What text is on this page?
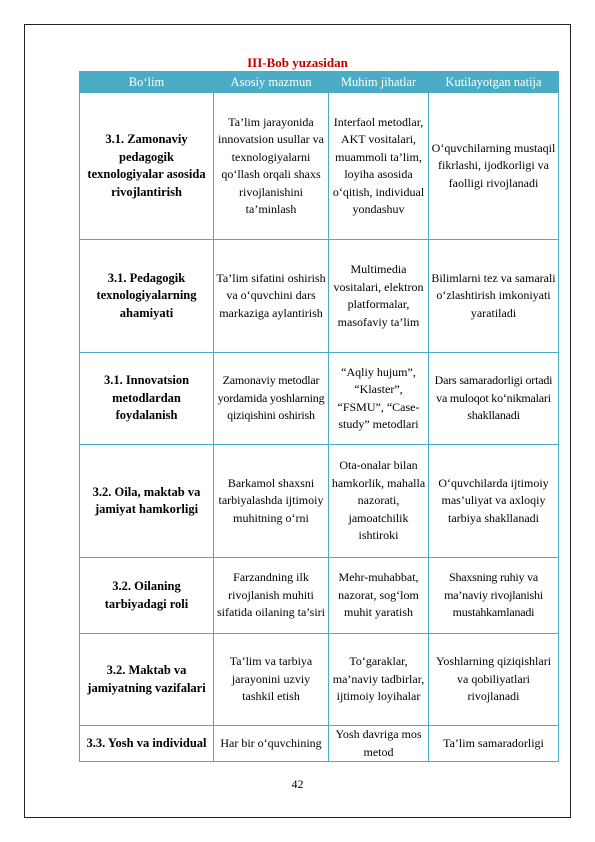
III-Bob yuzasidan
Bo‘lim	Asosiy mazmun	Muhim jihatlar	Kutilayotgan natija
3.1. Zamonaviy pedagogik texnologiyalar asosida rivojlantirish	Ta’lim jarayonida innovatsion usullar va texnologiyalarni qo‘llash orqali shaxs rivojlanishini ta’minlash	Interfaol metodlar, AKT vositalari, muammoli ta’lim, loyiha asosida o‘qitish, individual yondashuv	O‘quvchilarning mustaqil fikrlashi, ijodkorligi va faolligi rivojlanadi
3.1. Pedagogik texnologiyalarning ahamiyati	Ta’lim sifatini oshirish va o‘quvchini dars markaziga aylantirish	Multimedia vositalari, elektron platformalar, masofaviy ta’lim	Bilimlarni tez va samarali o‘zlashtirish imkoniyati yaratiladi
3.1. Innovatsion metodlardan foydalanish	Zamonaviy metodlar yordamida yoshlarning qiziqishini oshirish	“Aqliy hujum”, “Klaster”, “FSMU”, “Case-study” metodlari	Dars samaradorligi ortadi va muloqot ko‘nikmalari shakllanadi
3.2. Oila, maktab va jamiyat hamkorligi	Barkamol shaxsni tarbiyalashda ijtimoiy muhitning o‘rni	Ota-onalar bilan hamkorlik, mahalla nazorati, jamoatchilik ishtiroki	O‘quvchilarda ijtimoiy mas’uliyat va axloqiy tarbiya shakllanadi
3.2. Oilaning tarbiyadagi roli	Farzandning ilk rivojlanish muhiti sifatida oilaning ta’siri	Mehr-muhabbat, nazorat, sog‘lom muhit yaratish	Shaxsning ruhiy va ma’naviy rivojlanishi mustahkamlanadi
3.2. Maktab va jamiyatning vazifalari	Ta’lim va tarbiya jarayonini uzviy tashkil etish	To‘garaklar, ma’naviy tadbirlar, ijtimoiy loyihalar	Yoshlarning qiziqishlari va qobiliyatlari rivojlanadi
3.3. Yosh va individual	Har bir o‘quvchining	Yosh davriga mos metod	Ta’lim samaradorligi
42
